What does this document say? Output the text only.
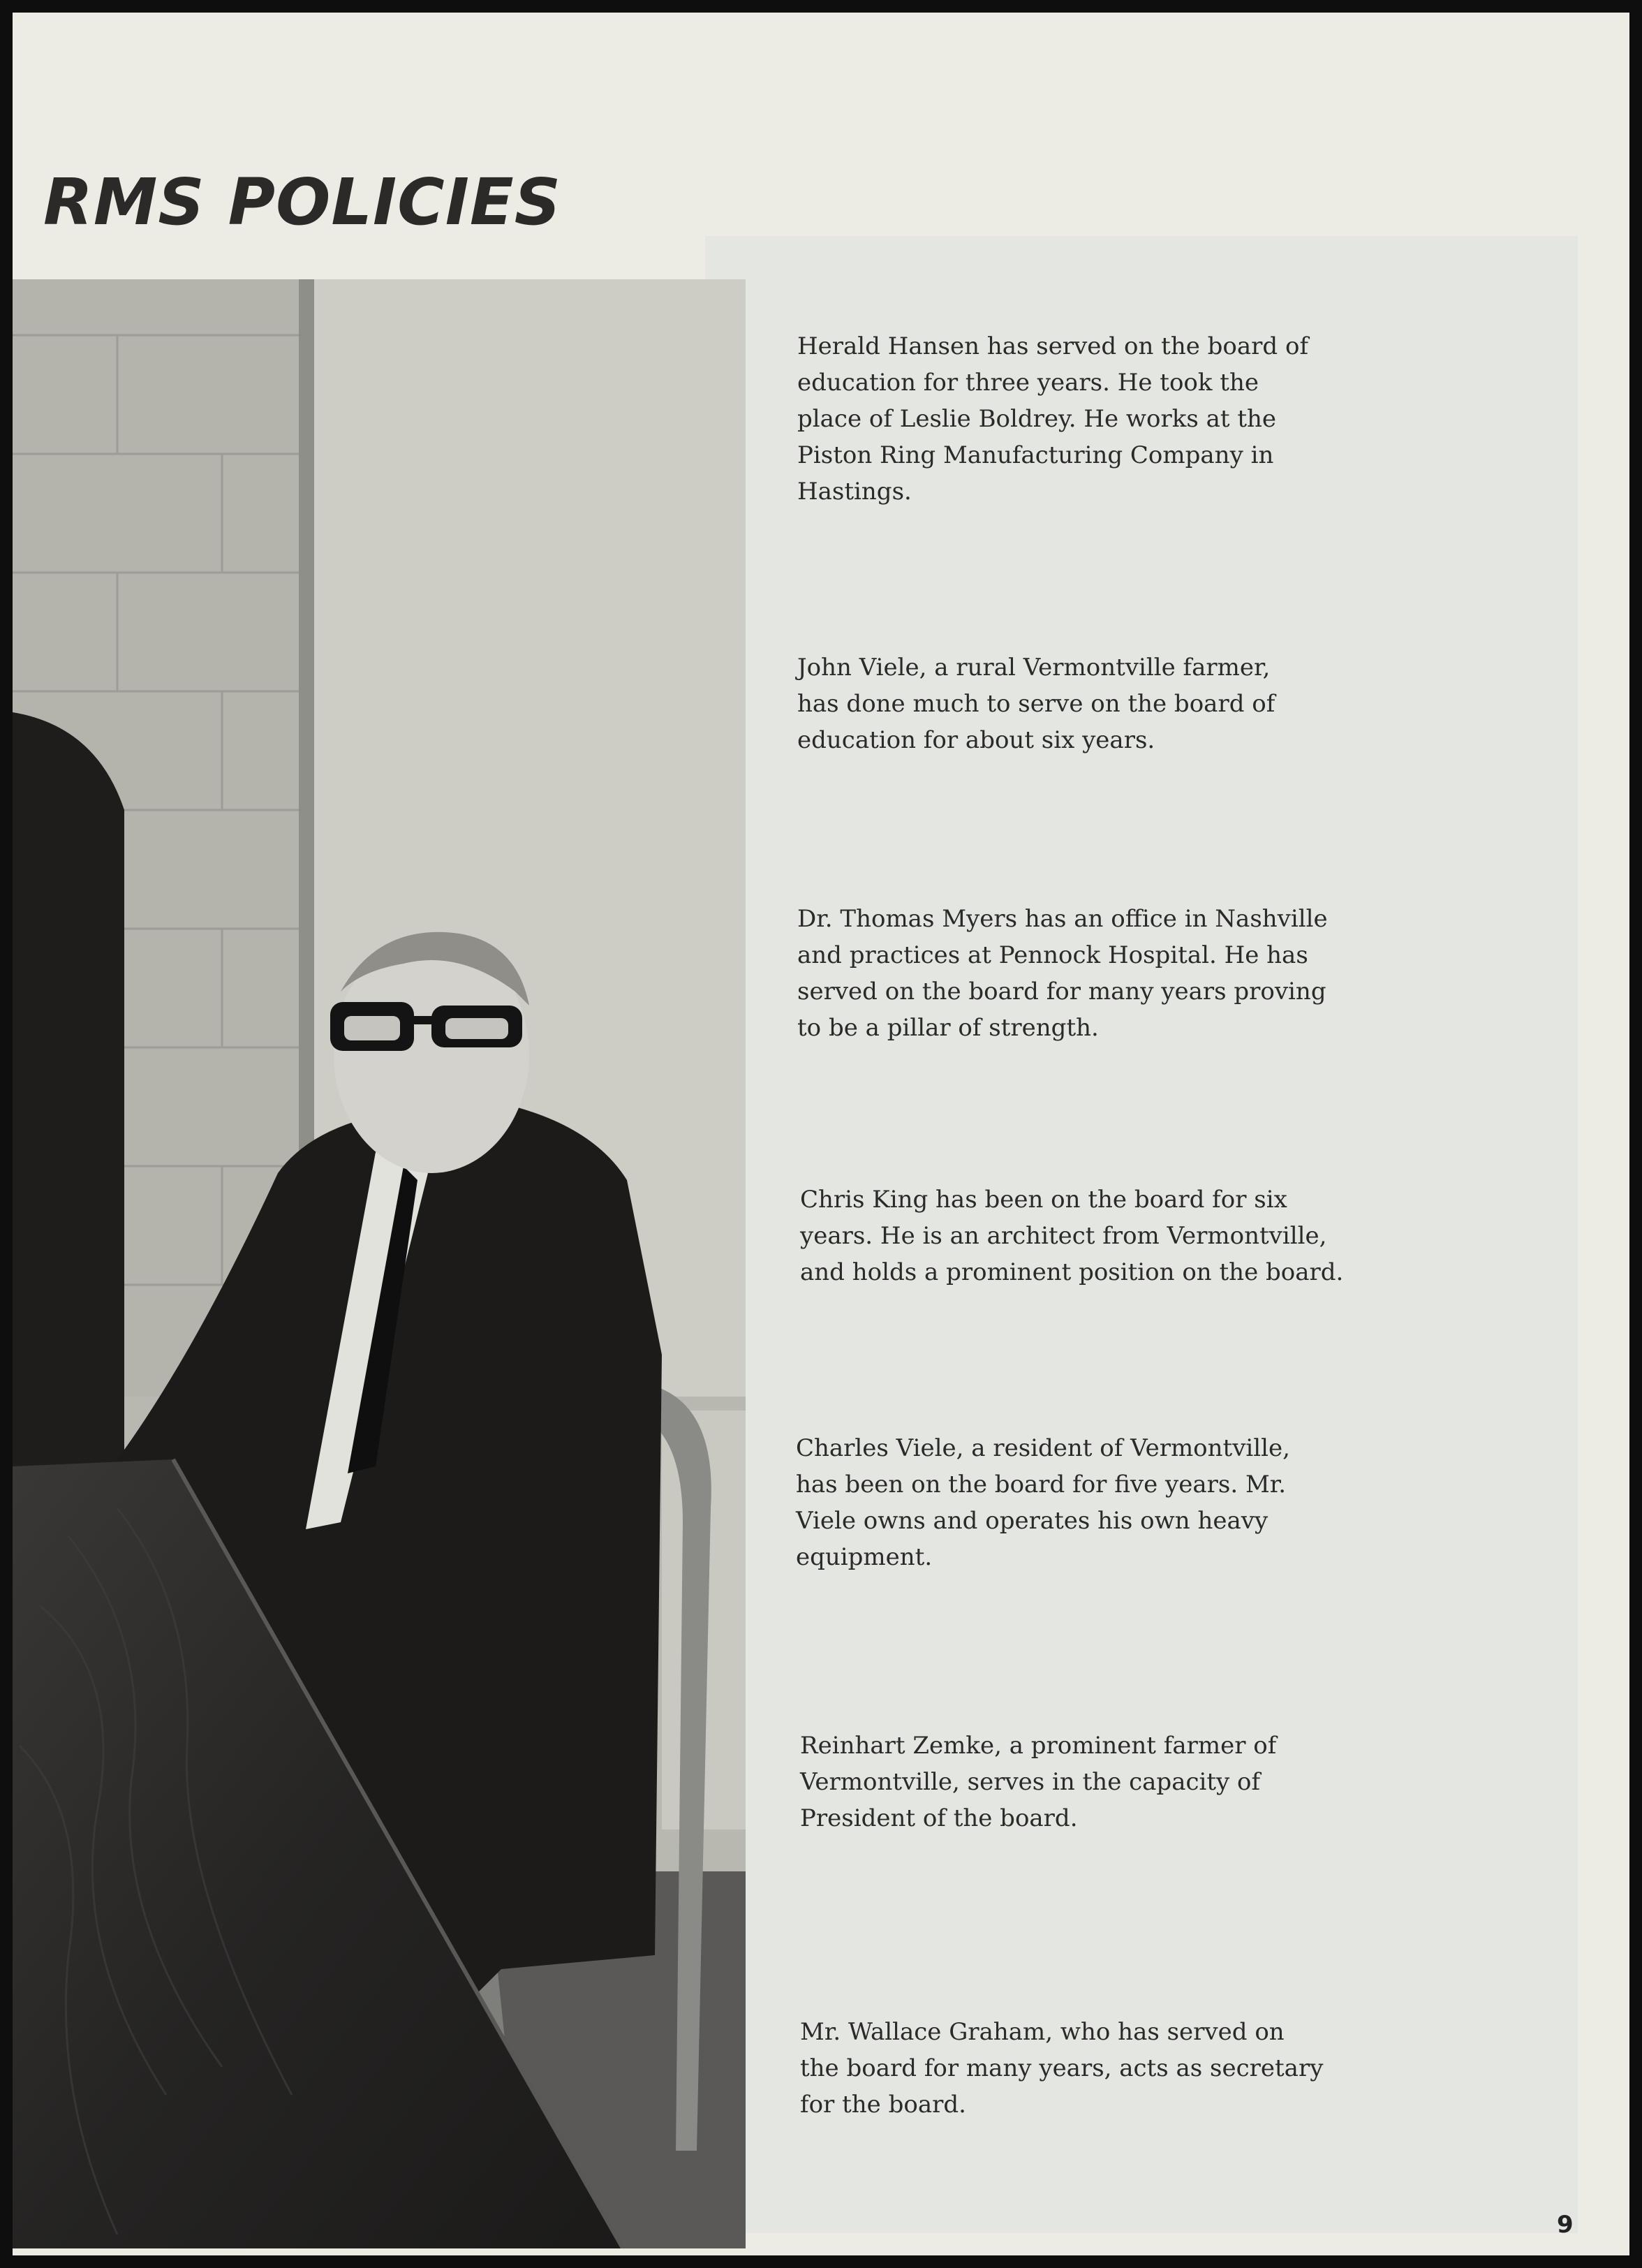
RMS POLICIES

Herald Hansen has served on the board of
education for three years. He took the
place of Leslie Boldrey. He works at the
Piston Ring Manufacturing Company in
Hastings.

John Viele, a rural Vermontville farmer,
has done much to serve on the board of
education for about six years.

Dr. Thomas Myers has an office in Nashville
and practices at Pennock Hospital. He has
served on the board for many years proving
to be a pillar of strength.

Chris King has been on the board for six
years. He is an architect from Vermontville,
and holds a prominent position on the board.

Charles Viele, a resident of Vermontville,
has been on the board for five years. Mr.
Viele owns and operates his own heavy
equipment.

Reinhart Zemke, a prominent farmer of
Vermontville, serves in the capacity of
President of the board.

Mr. Wallace Graham, who has served on
the board for many years, acts as secretary
for the board.

9
